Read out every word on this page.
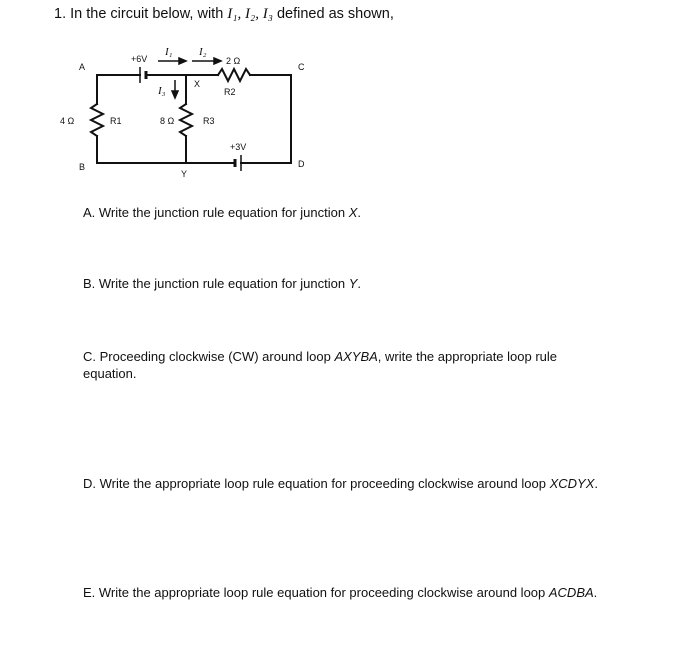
1. In the circuit below, with I₁, I₂, I₃ defined as shown,
A
B
C
D
X
Y
+6V
+3V
R1
4 Ω
R2
2 Ω
R3
8 Ω
I₁ I₂
I₃
A. Write the junction rule equation for junction X.
B. Write the junction rule equation for junction Y.
C. Proceeding clockwise (CW) around loop AXYBA, write the appropriate loop rule equation.
D. Write the appropriate loop rule equation for proceeding clockwise around loop XCDYX.
E. Write the appropriate loop rule equation for proceeding clockwise around loop ACDBA.
